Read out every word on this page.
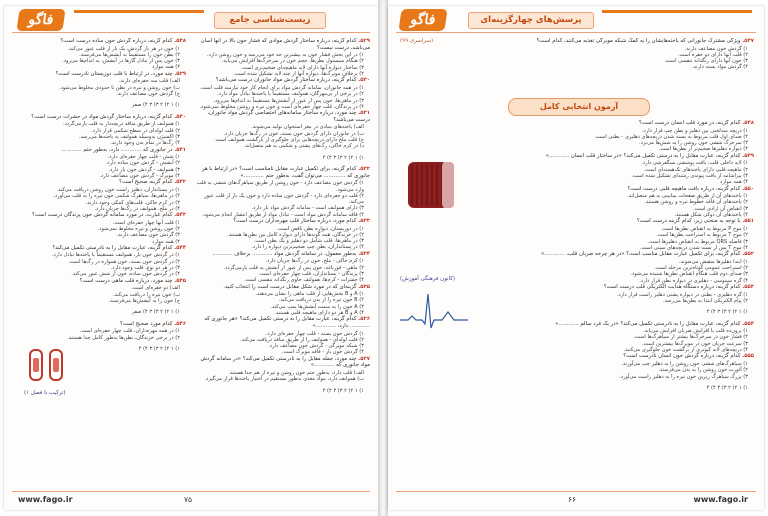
فاگو	زیست‌شناسی جامع

۵۲۹. کدام گزینه، درباره ساختار گردش موادی که فشار خون بالا در آنها آسان می‌باشد، درست نیست؟

۱) در این بخش فشار خون به بیشترین حد خود می‌رسد و خون روشن دارد.

۲) هنگام سیستول بطن‌ها، حجم خون در سرخرگ‌ها افزایش می‌یابد.

۳) ساختار دیواره آنها دارای لایه ماهیچه‌ای ضخیم‌تری است.

۴) برخلاف مویرگ‌ها، دیواره آنها از چند لایه تشکیل شده است.

۵۳۰. کدام گزینه، درباره ساختار گردش مواد جانوران درست می‌باشد؟

۱) در همه جانوران، سامانه گردش مواد برای انجام کار خود نیازمند قلب است.

۲) در برخی از بی‌مهرگان، همولنف مستقیماً با یاخته‌ها تبادل مواد دارد.

۳) در ماهی‌ها، خون پس از عبور از آبشش‌ها مستقیماً به اندام‌ها می‌رود.

۴) در پرندگان، قلب چهار حفره‌ای است و خون تیره و روشن مخلوط نمی‌شود.

۵۳۱. چند مورد، درباره ساختار سامانه‌های اختصاصی گردش مواد جانوران، درست می‌باشد؟

الف) یاخته‌های بنیادی در مغز استخوان تولید می‌شوند.

ب) در جانوران دارای گردش خون بسته، خون در رگ‌ها جریان دارد.

ج) قلب ملخ دارای دریچه‌هایی برای جلوگیری از بازگشت همولنف است.

د) در کرم خاکی، رگ‌های پشتی و شکمی به هم متصل‌اند.

۱) ۱ ۲) ۲ ۳) ۳ ۴) ۴

۵۳۲. کدام گزینه، برای تکمیل عبارت مقابل نامناسب است؟ «در ارتباط با هر جانوری که ............. می‌توان گفت، به‌طور حتم ............»

۱) گردش خون مضاعف دارد - خون روشن از طریق سیاهرگ‌های ششی به قلب وارد می‌شود.

۲) قلب دو حفره‌ای دارد - گردش خون ساده دارد و خون یک بار از قلب عبور می‌کند.

۳) دارای همولنف است - سامانه گردش مواد باز دارد.

۴) فاقد سامانه گردش مواد است - تبادل مواد از طریق انتشار انجام می‌شود.

۵۳۳. کدام مورد، درباره ساختار قلب مهره‌داران درست است؟

۱) در دوزیستان، دیواره بطن ناقص است.

۲) در خزندگان، همه گونه‌ها دارای دیواره کامل بین بطن‌ها هستند.

۳) در ماهی‌ها، قلب شامل دو دهلیز و یک بطن است.

۴) در پستانداران، بطن چپ ضخیم‌ترین دیواره را دارد.

۵۳۴. به‌طور معمول، در سامانه گردش مواد ............ برخلاف ............

۱) کرم خاکی - ملخ، خون در رگ‌ها جریان دارد.

۲) ماهی - قورباغه، خون پس از عبور از آبشش به قلب بازمی‌گردد.

۳) پرندگان - پستانداران، قلب چهار حفره‌ای است.

۴) حشرات - کرم‌ها، همولنف حاوی رنگدانه تنفسی است.

۵۳۵. گزینه‌ای که در مورد شکل مقابل درست است را انتخاب کنید.

۱) A و B بخش‌هایی از قلب ماهی را نشان می‌دهند.

۲) B خون تیره را از بدن دریافت می‌کند.

۳) A خون را به سمت آبشش‌ها پمپ می‌کند.

۴) A و B هر دو دارای ماهیچه قلبی هستند.

۵۳۶. کدام گزینه، عبارت مقابل را به درستی تکمیل می‌کند؟ «هر جانوری که ............ دارد، ............»

۱) گردش خون بسته - قلب چهار حفره‌ای دارد.

۲) قلب لوله‌ای - همولنف را از طریق منافذ دریافت می‌کند.

۳) شبکه مویرگی - گردش خون مضاعف دارد.

۴) گردش خون باز - فاقد مویرگ است.

۵۳۷. چند مورد، جمله مقابل را به نادرستی تکمیل می‌کند؟ «در سامانه گردش مواد جانوری که ............»

الف) قلب دارد، به‌طور حتم خون روشن و تیره از هم جدا هستند.

ب) همولنف دارد، مواد مغذی به‌طور مستقیم در اختیار یاخته‌ها قرار می‌گیرد.

۱) ۱ ۲) ۲ ۳) ۳ ۴) ۴

۵۳۸. کدام گزینه، درباره گردش خون ساده درست است؟

۱) خون در هر بار گردش، یک بار از قلب عبور می‌کند.

۲) بطن خون را مستقیماً به آبشش‌ها می‌فرستد.

۳) خون پس از تبادل گازها در آبشش، به اندام‌ها می‌رود.

۴) همه موارد

۵۳۹. چند مورد، در ارتباط با قلب دوزیستان نادرست است؟

الف) قلب سه حفره‌ای دارند.

ب) خون روشن و تیره در بطن تا حدودی مخلوط می‌شود.

ج) گردش خون مضاعف دارند.

۱) ۱ ۲) ۲ ۳) ۳ ۴) صفر

۵۴۰. کدام گزینه، درباره ساختار گردش مواد در حشرات درست است؟

۱) همولنف از طریق منافذ دریچه‌دار به قلب بازمی‌گردد.

۲) قلب لوله‌ای در سطح شکمی قرار دارد.

۳) اکسیژن به‌وسیله همولنف به یاخته‌ها می‌رسد.

۴) رگ‌ها در تمام بدن وجود دارند.

۵۴۱. در جانوری که ............ دارد، به‌طور حتم ............

۱) شش - قلب چهار حفره‌ای دارد.

۲) آبشش - گردش خون ساده دارد.

۳) همولنف - گردش خون باز دارد.

۴) مویرگ - گردش خون مضاعف دارد.

۵۴۲. کدام گزینه صحیح است؟

۱) در پستانداران، دهلیز راست خون روشن دریافت می‌کند.

۲) در ماهی‌ها، سیاهرگ شکمی خون تیره را به قلب می‌آورد.

۳) در کرم خاکی، قلب‌های کمکی وجود دارند.

۴) در ملخ، همولنف در رگ‌ها جریان دارد.

۵۴۳. کدام عبارت، در مورد سامانه گردش خون پرندگان درست است؟

۱) قلب آنها چهار حفره‌ای است.

۲) خون روشن و تیره مخلوط نمی‌شود.

۳) گردش خون مضاعف دارند.

۴) همه موارد

۵۴۴. کدام گزینه، عبارت مقابل را به نادرستی تکمیل می‌کند؟

۱) در گردش خون باز، همولنف مستقیماً با یاخته‌ها تبادل دارد.

۲) در گردش خون بسته، خون همواره در رگ‌ها است.

۳) در هر دو نوع، قلب وجود دارد.

۴) در گردش خون ساده، خون از شش عبور می‌کند.

۵۴۵. چند مورد، درباره قلب ماهی درست است؟

الف) دو حفره‌ای است.

ب) خون تیره را دریافت می‌کند.

ج) خون را به آبشش‌ها می‌فرستد.

۱) ۱ ۲) ۲ ۳) ۳ ۴) صفر

۵۴۶. کدام مورد صحیح است؟

۱) در همه مهره‌داران، قلب چهار حفره‌ای است.

۲) در برخی خزندگان، بطن‌ها به‌طور کامل جدا هستند.

۱) ۱ ۲) ۲ ۳) ۳ ۴) ۴

(ترکیب با فصل ۱)
www.fago.ir	۷۵
فاگو	پرسش‌های چهارگزینه‌ای

۵۴۷. ویژگی مشترک جانورانی که یاخته‌هایشان را به کمک شبکه مویرگی تغذیه می‌کنند، کدام است؟

۱) گردش خون مضاعف دارند.

۲) قلب آنها دارای دو حفره است.

۳) خون آنها دارای رنگدانه تنفسی است.

۴) گردش مواد بسته دارند.

(سراسری ۹۹)
آزمون انتخابی کامل

۵۴۸. کدام گزینه، در مورد قلب انسان درست است؟

۱) دریچه سه‌لختی بین دهلیز و بطن چپ قرار دارد.

۲) صدای اول قلب مربوط به بسته شدن دریچه‌های دهلیزی - بطنی است.

۳) سرخرگ ششی خون روشن را به شش‌ها می‌برد.

۴) دیواره دهلیزها ضخیم‌تر از بطن‌ها است.

۵۴۹. کدام گزینه، عبارت مقابل را به درستی تکمیل می‌کند؟ «در ساختار قلب انسان ............»

۱) لایه داخلی قلب، بافت پوششی سنگفرشی دارد.

۲) ماهیچه قلبی دارای یاخته‌های تک‌هسته‌ای است.

۳) پیراشامه از بافت پیوندی رشته‌ای تشکیل شده است.

۴) همه موارد

۵۵۰. کدام گزینه، درباره بافت ماهیچه قلبی درست است؟

۱) یاخته‌های آن از طریق صفحات بینابینی به هم متصل‌اند.

۲) یاخته‌های آن فاقد خطوط تیره و روشن هستند.

۳) انقباض آن ارادی است.

۴) یاخته‌های آن دوکی شکل هستند.

۵۵۱. با توجه به منحنی زیر، کدام گزینه درست است؟

۱) موج P مربوط به انقباض بطن‌ها است.

۲) موج T مربوط به استراحت بطن‌ها است.

۳) فاصله QRS مربوط به انقباض دهلیزها است.

۴) موج T پس از بسته شدن دریچه‌های سینی است.

۵۵۲. کدام گزینه، برای تکمیل عبارت مقابل مناسب است؟ «در هر چرخه ضربان قلب، ............»

۱) ابتدا دهلیزها منقبض می‌شوند.

۲) استراحت عمومی کوتاه‌ترین مرحله است.

۳) صدای دوم قلب هنگام انقباض بطن‌ها شنیده می‌شود.

۴) گره سینوسی - دهلیزی در دیواره بطن قرار دارد.

۵۵۳. کدام گزینه، درباره دستگاه هدایت الکتریکی قلب درست است؟

۱) گره دهلیزی - بطنی در دیواره پشتی دهلیز راست قرار دارد.

۲) پیام الکتریکی ابتدا به بطن‌ها می‌رسد.

۱) ۱ ۲) ۲ ۳) ۳ ۴) ۴

۵۵۴. کدام گزینه، عبارت مقابل را به نادرستی تکمیل می‌کند؟ «در یک فرد سالم ............»

۱) برون‌ده قلب با افزایش ضربان افزایش می‌یابد.

۲) فشار خون در سرخرگ‌ها بیشتر از سیاهرگ‌ها است.

۳) سرعت جریان خون در مویرگ‌ها بیشترین است.

۴) دریچه‌های لانه کبوتری از برگشت خون جلوگیری می‌کنند.

۵۵۵. کدام گزینه، درباره گردش خون انسان نادرست است؟

۱) سیاهرگ‌های ششی خون روشن را به دهلیز چپ می‌آورند.

۲) آئورت خون روشن را به بدن می‌فرستد.

۳) بزرگ سیاهرگ زیرین خون تیره را به دهلیز راست می‌آورد.

۱) ۱ ۲) ۲ ۳) ۳ ۴) ۴

(کانون فرهنگی آموزش)
www.fago.ir
۶۶
